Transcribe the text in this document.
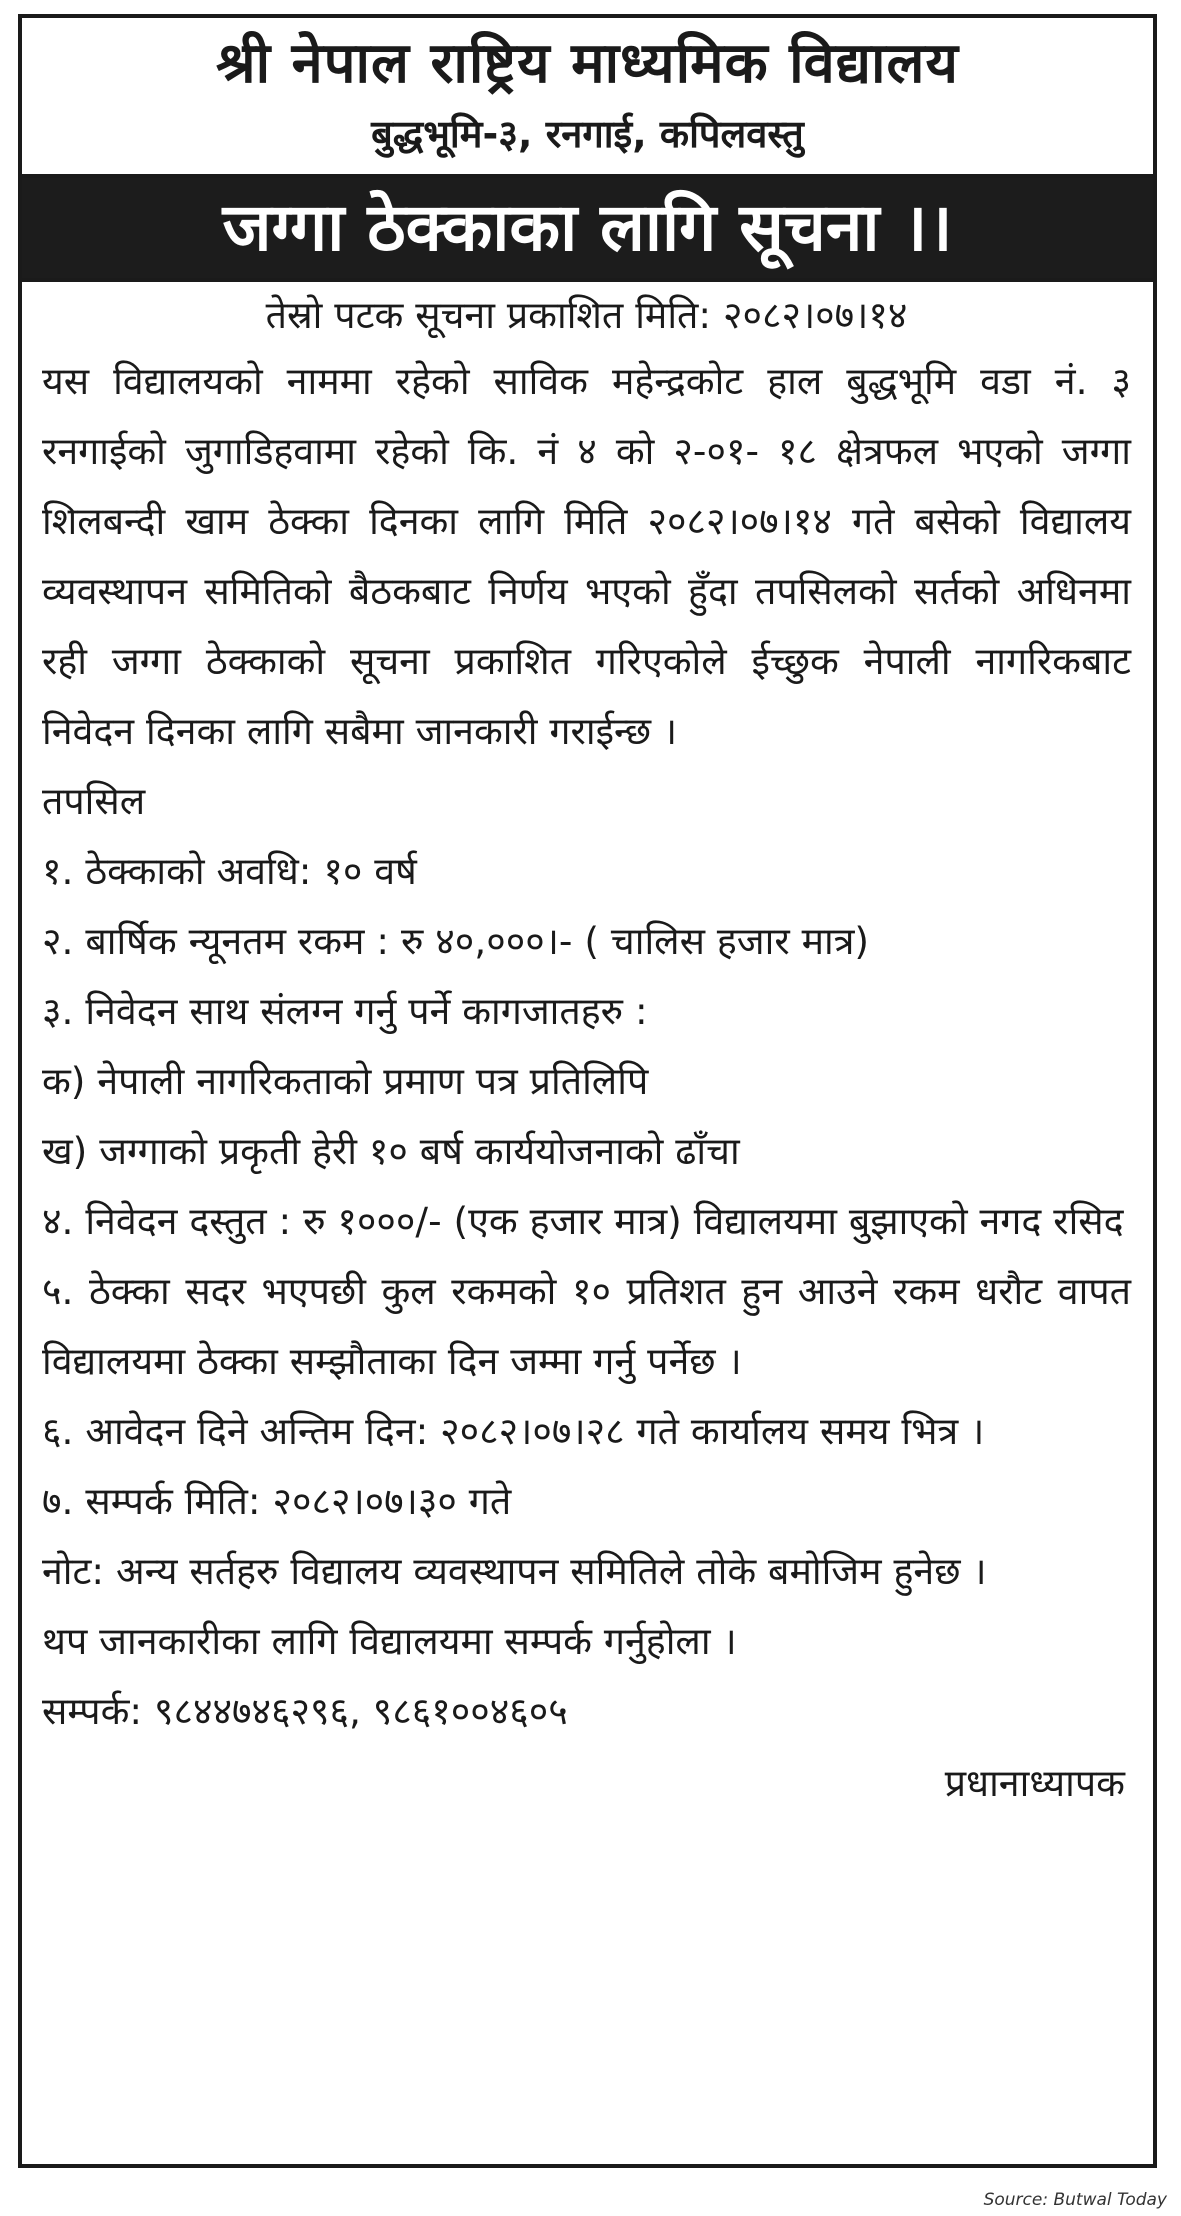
श्री नेपाल राष्ट्रिय माध्यमिक विद्यालय
बुद्धभूमि-३, रनगाई, कपिलवस्तु
जग्गा ठेक्काका लागि सूचना ।।
तेस्रो पटक सूचना प्रकाशित मिति: २०८२।०७।१४

यस विद्यालयको नाममा रहेको साविक महेन्द्रकोट हाल बुद्धभूमि वडा नं. ३ रनगाईको जुगाडिहवामा रहेको कि. नं ४ को २-०१- १८ क्षेत्रफल भएको जग्गा शिलबन्दी खाम ठेक्का दिनका लागि मिति २०८२।०७।१४ गते बसेको विद्यालय व्यवस्थापन समितिको बैठकबाट निर्णय भएको हुँदा तपसिलको सर्तको अधिनमा रही जग्गा ठेक्काको सूचना प्रकाशित गरिएकोले ईच्छुक नेपाली नागरिकबाट निवेदन दिनका लागि सबैमा जानकारी गराईन्छ ।

तपसिल

१. ठेक्काको अवधि: १० वर्ष

२. बार्षिक न्यूनतम रकम : रु ४०,०००।- ( चालिस हजार मात्र)

३. निवेदन साथ संलग्न गर्नु पर्ने कागजातहरु :

क) नेपाली नागरिकताको प्रमाण पत्र प्रतिलिपि

ख) जग्गाको प्रकृती हेरी १० बर्ष कार्ययोजनाको ढाँचा

४. निवेदन दस्तुत : रु १०००/- (एक हजार मात्र) विद्यालयमा बुझाएको नगद रसिद

५. ठेक्का सदर भएपछी कुल रकमको १० प्रतिशत हुन आउने रकम धरौट वापत विद्यालयमा ठेक्का सम्झौताका दिन जम्मा गर्नु पर्नेछ ।

६. आवेदन दिने अन्तिम दिन: २०८२।०७।२८ गते कार्यालय समय भित्र ।

७. सम्पर्क मिति: २०८२।०७।३० गते

नोट: अन्य सर्तहरु विद्यालय व्यवस्थापन समितिले तोके बमोजिम हुनेछ ।

थप जानकारीका लागि विद्यालयमा सम्पर्क गर्नुहोला ।

सम्पर्क: ९८४४७४६२९६, ९८६१००४६०५

प्रधानाध्यापक
Source: Butwal Today
